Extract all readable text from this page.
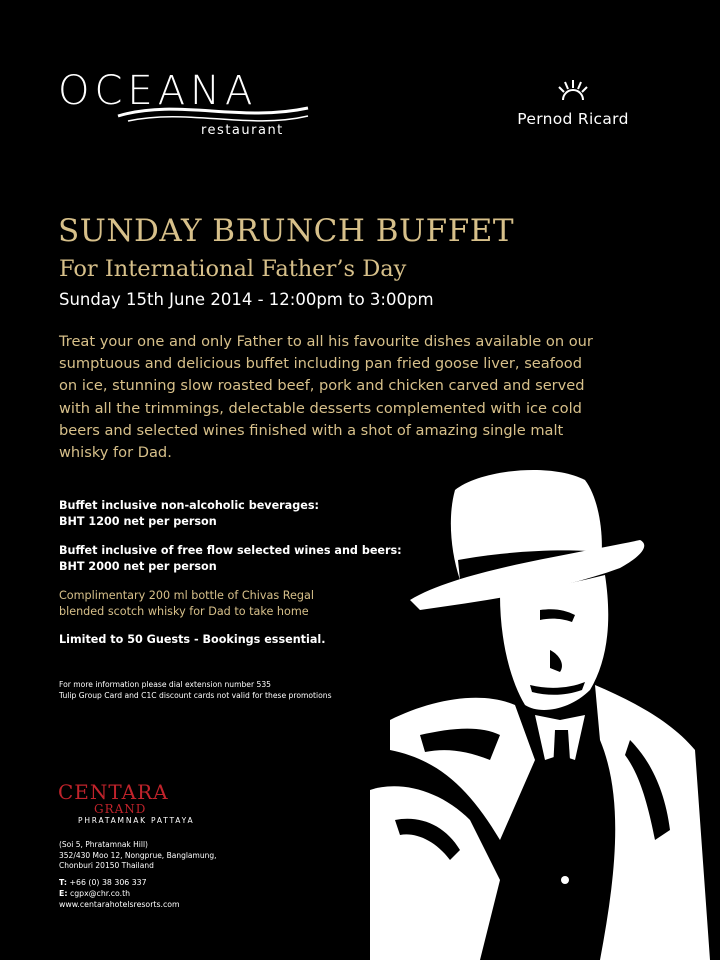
OCEANA
restaurant
Pernod Ricard
SUNDAY BRUNCH BUFFET
For International Father’s Day
Sunday 15th June 2014 - 12:00pm to 3:00pm
Treat your one and only Father to all his favourite dishes available on our
sumptuous and delicious buffet including pan fried goose liver, seafood
on ice, stunning slow roasted beef, pork and chicken carved and served
with all the trimmings, delectable desserts complemented with ice cold
beers and selected wines finished with a shot of amazing single malt
whisky for Dad.
Buffet inclusive non-alcoholic beverages:
BHT 1200 net per person
Buffet inclusive of free flow selected wines and beers:
BHT 2000 net per person
Complimentary 200 ml bottle of Chivas Regal
blended scotch whisky for Dad to take home
Limited to 50 Guests - Bookings essential.
For more information please dial extension number 535
Tulip Group Card and C1C discount cards not valid for these promotions
CENTARA
GRAND
PHRATAMNAK PATTAYA
(Soi 5, Phratamnak Hill)
352/430 Moo 12, Nongprue, Banglamung,
Chonburi 20150 Thailand
T: +66 (0) 38 306 337
E: cgpx@chr.co.th
www.centarahotelsresorts.com
